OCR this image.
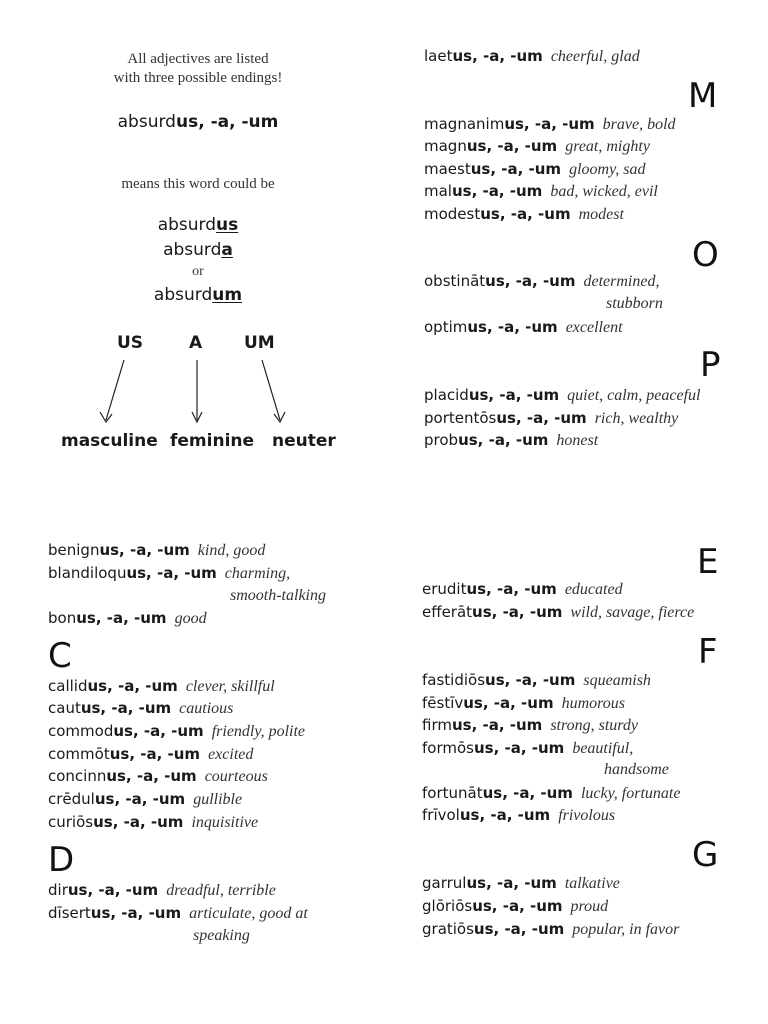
All adjectives are listed
with three possible endings!
absurdus, -a, -um
means this word could be
absurdus
absurda
or
absurdum
US	A UM
masculine feminine neuter
laetus, -a, -um cheerful, glad
M
magnanimus, -a, -um brave, bold
magnus, -a, -um great, mighty
maestus, -a, -um gloomy, sad
malus, -a, -um bad, wicked, evil
modestus, -a, -um modest
O
obstinātus, -a, -um determined,
stubborn
optimus, -a, -um excellent
P
placidus, -a, -um quiet, calm, peaceful
portentōsus, -a, -um rich, wealthy
probus, -a, -um honest
benignus, -a, -um kind, good
blandiloquus, -a, -um charming,
smooth-talking
bonus, -a, -um good
C
callidus, -a, -um clever, skillful
cautus, -a, -um cautious
commodus, -a, -um friendly, polite
commōtus, -a, -um excited
concinnus, -a, -um courteous
crēdulus, -a, -um gullible
curiōsus, -a, -um inquisitive
D
dirus, -a, -um dreadful, terrible
dīsertus, -a, -um articulate, good at
speaking
E
eruditus, -a, -um educated
efferātus, -a, -um wild, savage, fierce
F
fastidiōsus, -a, -um squeamish
fēstīvus, -a, -um humorous
firmus, -a, -um strong, sturdy
formōsus, -a, -um beautiful,
handsome
fortunātus, -a, -um lucky, fortunate
frīvolus, -a, -um frivolous
G
garrulus, -a, -um talkative
glōriōsus, -a, -um proud
gratiōsus, -a, -um popular, in favor
